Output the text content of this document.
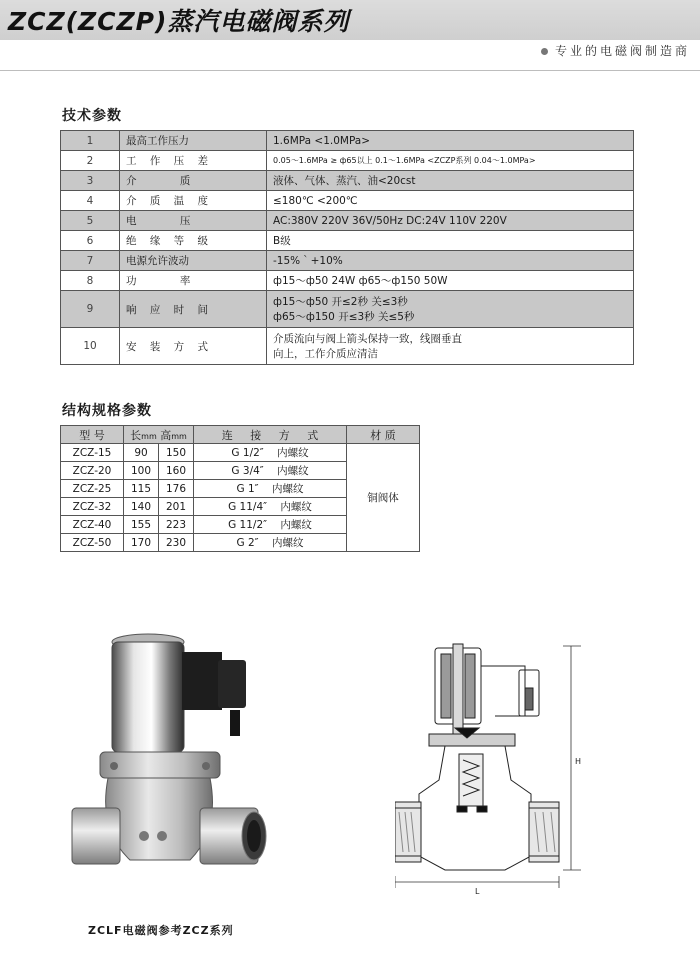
ZCZ(ZCZP)蒸汽电磁阀系列
专业的电磁阀制造商
技术参数
1	最高工作压力	1.6MPa <1.0MPa>
2	工 作 压 差	0.05～1.6MPa ≥ ф65以上 0.1～1.6MPa <ZCZP系列 0.04～1.0MPa>
3	介 质	液体、气体、蒸汽、油<20cst
4	介 质 温 度	≤180℃ <200℃
5	电 压	AC:380V 220V 36V/50Hz DC:24V 110V 220V
6	绝 缘 等 级	B级
7	电源允许波动	-15%｀+10%
8	功 率	ф15～ф50 24W ф65～ф150 50W
9	响 应 时 间	ф15～ф50 开≤2秒 关≤3秒
ф65～ф150 开≤3秒 关≤5秒

10	安 装 方 式	介质流向与阀上箭头保持一致，线圈垂直
向上，工作介质应清洁
结构规格参数
型 号	长mm 高mm		连 接 方 式	材 质
ZCZ-15	90	150	G 1/2″ 内螺纹	铜阀体
ZCZ-20	100	160	G 3/4″ 内螺纹	
ZCZ-25	115	176	G 1″ 内螺纹	
ZCZ-32	140	201	G 11/4″ 内螺纹	
ZCZ-40	155	223	G 11/2″ 内螺纹	
ZCZ-50	170	230	G 2″ 内螺纹	
H
L
ZCLF电磁阀参考ZCZ系列
